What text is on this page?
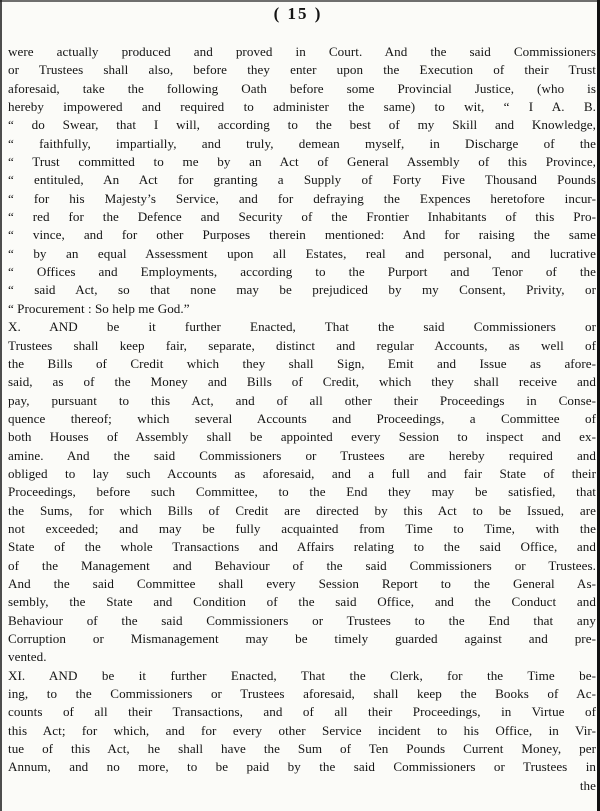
( 15 )
were actually produced and proved in Court. And the said Commissioners
or Trustees shall also, before they enter upon the Execution of their Trust
aforesaid, take the following Oath before some Provincial Justice, (who is
hereby impowered and required to administer the same) to wit, “ I A. B.
“ do Swear, that I will, according to the best of my Skill and Knowledge,
“ faithfully, impartially, and truly, demean myself, in Discharge of the
“ Trust committed to me by an Act of General Assembly of this Province,
“ entituled, An Act for granting a Supply of Forty Five Thousand Pounds
“ for his Majesty’s Service, and for defraying the Expences heretofore incur-
“ red for the Defence and Security of the Frontier Inhabitants of this Pro-
“ vince, and for other Purposes therein mentioned: And for raising the same
“ by an equal Assessment upon all Estates, real and personal, and lucrative
“ Offices and Employments, according to the Purport and Tenor of the
“ said Act, so that none may be prejudiced by my Consent, Privity, or
“ Procurement : So help me God.”
X. AND be it further Enacted, That the said Commissioners or
Trustees shall keep fair, separate, distinct and regular Accounts, as well of
the Bills of Credit which they shall Sign, Emit and Issue as afore-
said, as of the Money and Bills of Credit, which they shall receive and
pay, pursuant to this Act, and of all other their Proceedings in Conse-
quence thereof; which several Accounts and Proceedings, a Committee of
both Houses of Assembly shall be appointed every Session to inspect and ex-
amine. And the said Commissioners or Trustees are hereby required and
obliged to lay such Accounts as aforesaid, and a full and fair State of their
Proceedings, before such Committee, to the End they may be satisfied, that
the Sums, for which Bills of Credit are directed by this Act to be Issued, are
not exceeded; and may be fully acquainted from Time to Time, with the
State of the whole Transactions and Affairs relating to the said Office, and
of the Management and Behaviour of the said Commissioners or Trustees.
And the said Committee shall every Session Report to the General As-
sembly, the State and Condition of the said Office, and the Conduct and
Behaviour of the said Commissioners or Trustees to the End that any
Corruption or Mismanagement may be timely guarded against and pre-
vented.
XI. AND be it further Enacted, That the Clerk, for the Time be-
ing, to the Commissioners or Trustees aforesaid, shall keep the Books of Ac-
counts of all their Transactions, and of all their Proceedings, in Virtue of
this Act; for which, and for every other Service incident to his Office, in Vir-
tue of this Act, he shall have the Sum of Ten Pounds Current Money, per
Annum, and no more, to be paid by the said Commissioners or Trustees in
the
